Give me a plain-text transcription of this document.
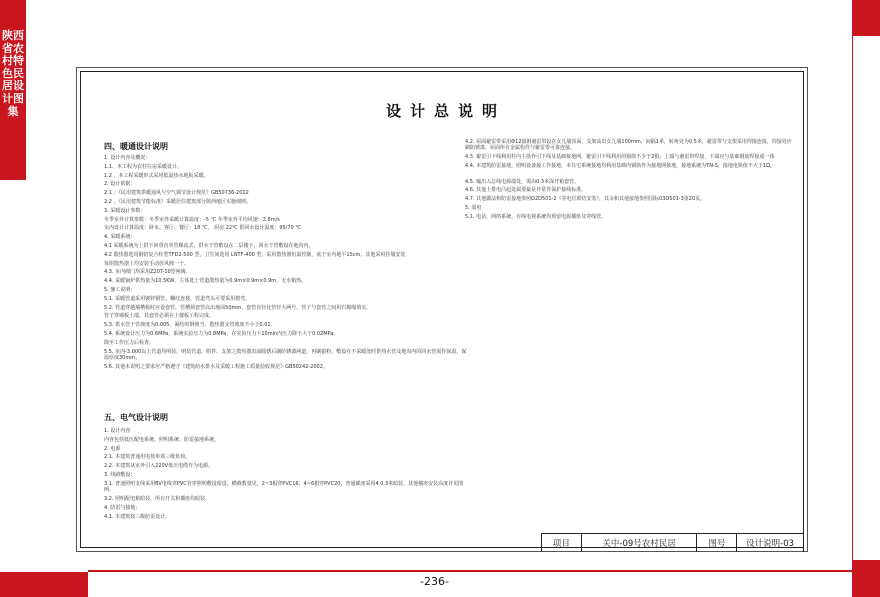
陕西省农村特色民居设计图集
-236-
设计总说明
四、暖通设计说明
1. 设计内容及概况：
1.1、本工程为农村住房采暖设计。
1.2 、本工程采暖形式采用低温热水地板采暖。
2. 设计依据：
2.1 、《民用建筑供暖通风与空气调节设计规范》GB50736-2012
2.2 、《民用建筑节能标准》采暖居住建筑部分陕西地区实施细则。
3. 采暖设计参数：
冬季室外计算参数：冬季室外采暖计算温度：-5 ℃ 冬季室外平均风速：2.8m/s
室内设计计算温度：卧室、客厅、餐厅：18 ℃， 厨房 22℃ 供回水设计温度：95/70 ℃
4. 采暖系统：
4.1 采暖系统为上供下回垂直单管顺流式，供水干管敷设在二层楼下，回水干管敷设在地沟内。
4.2 散热器选用钢铝复合柱型TFD2-500 型，卫生间选用 LNTF-400 型，采用散热器恒温控制，底于室内地平15cm，其他采用挂墙安装
每组散热器上均安装手动放风阀一个。
4.3. 室内阀门均采用Z20T-10型闸阀。
4.4. 采暖锅炉供热量为10.5KW，主体选土管道散热量为0.9m×0.9m×0.9m，无水箱热。
5. 施工说明：
5.1. 采暖管道采用镀锌钢管，螺纹连接，管道弯头可要采用煨弯。
5.2. 管道穿越墙槽板时应设套管，管槽须套管高出地面50mm，套管直径比管径大两号，管子与套管之间用石棉绳填实。
管子穿墙板上端，其套管必须在上楼板工程完成。
5.3. 供水管干管坡度为0.005，凝结时倒坡当，散热器支管坡度不小于0.01。
5.4. 系统设计压力为0.6MPa，系统实验压力为0.8MPa，在实验压力下10min内压力降不大于0.02MPa。
降至工作压力后检查。
5.5. 室内-3.000以上管道均明装，明装管道、附件、支架之散热器表面除锈后刷防锈漆两道，再刷银粉，敷设在不采暖处时供热水管及地沟内的回水管需作保温，保温厚度30mm。
5.6. 其他未说明之要求应严格遵守《建筑给水排水及采暖工程施工质量验收规范》GB50242-2002。
五、电气设计说明
1. 设计内容
内容包括低压配电系统、照明系统、防雷接地系统。
2. 电源
2.1. 本建筑普通用电按单项三级负荷。
2.2. 本建筑从室外引入220V低压电缆作为电源。
3. 线路敷设：
3.1. 普通照明支线采用BV电线穿PVC管穿照明敷设暗设，横截数量见，2~3根穿PVC16，4~6根穿PVC20，普通插座采用4.0.3米暗装，其他插座安装高度详见图例。
3.2. 照明配电箱暗装，所有开关和插座均暗装。
4. 防雷与接地：
4.1. 本建筑按三级防雷设计。
4.2. 屋面避雷带采用Φ12圆钢避雷带设在女儿墙顶面，支架高出女儿墙100mm，间隔1米，转角处为0.5米，避雷带与支架采用焊接连接，焊接处应刷防锈漆，屋面所有金属构件与避雷带可靠连接。
4.3. 避雷引下线利用柱内主筋作引下线及基础接地网，避雷引下线利用的钢筋不少于2根，上端与避雷带焊接，下端应与基础钢筋焊接成一体
4.4. 本建筑防雷接地，照明设备接工作接地，本住宅系统接地均利用基础内钢筋作为接地网接地，接地系统为TN-S，接地电阻值不大于1Ω。
4.5. 输出入总线电源端处，需由0.3米深开箱套管。
4.6. 其他上排电凸起处属要最是异常件保护接线标准。
4.7. 其他做法和防雷接地参照D2D501-2《等电位联结安装》，其余和其他接地参照国标03D501-3第20页。
5. 弱电
5.1. 电话、网络系统、有线电视系统均预留电源插座及穿线管。
项目	关中-09号农村民居	图号	设计说明-03
